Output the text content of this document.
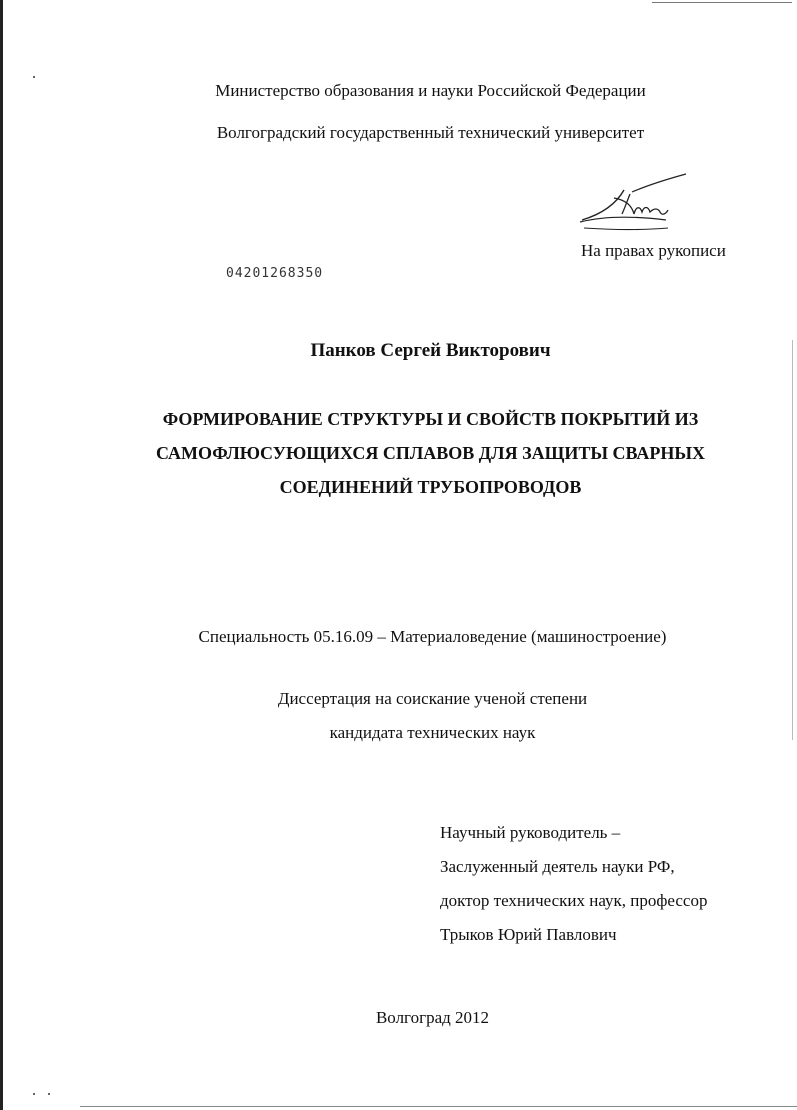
Министерство образования и науки Российской Федерации
Волгоградский государственный технический университет
На правах рукописи
04201268350
Панков Сергей Викторович
ФОРМИРОВАНИЕ СТРУКТУРЫ И СВОЙСТВ ПОКРЫТИЙ ИЗ
САМОФЛЮСУЮЩИХСЯ СПЛАВОВ ДЛЯ ЗАЩИТЫ СВАРНЫХ
СОЕДИНЕНИЙ ТРУБОПРОВОДОВ
Специальность 05.16.09 – Материаловедение (машиностроение)
Диссертация на соискание ученой степени
кандидата технических наук
Научный руководитель –
Заслуженный деятель науки РФ,
доктор технических наук, профессор
Трыков Юрий Павлович
Волгоград 2012
